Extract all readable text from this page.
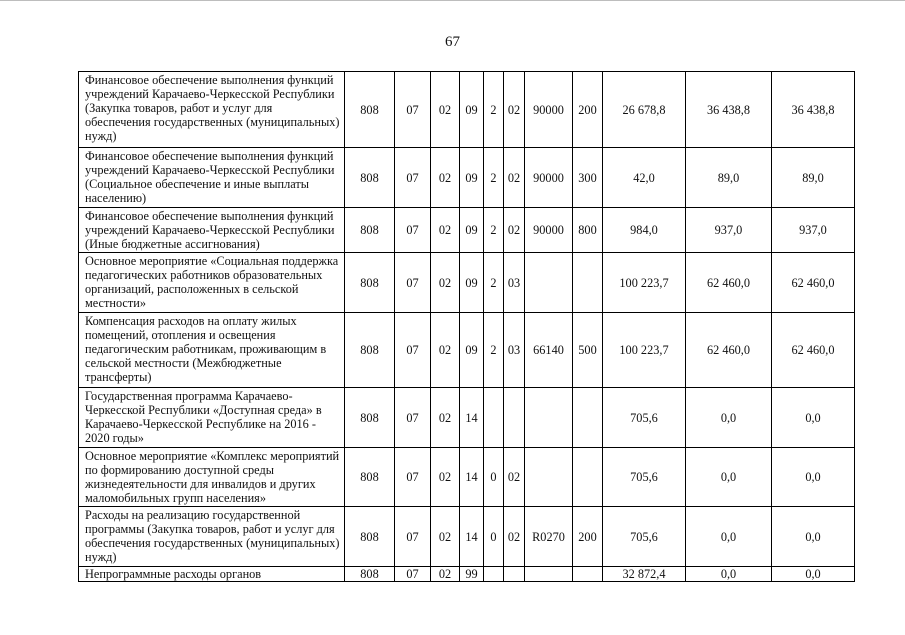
67
Финансовое обеспечение выполнения функций учреждений Карачаево-Черкесской Республики (Закупка товаров, работ и услуг для обеспечения государственных (муниципальных) нужд)	808	07	02	09	2	02	90000	200	26 678,8	36 438,8	36 438,8
Финансовое обеспечение выполнения функций учреждений Карачаево-Черкесской Республики (Социальное обеспечение и иные выплаты населению)	808	07	02	09	2	02	90000	300	42,0	89,0	89,0
Финансовое обеспечение выполнения функций учреждений Карачаево-Черкесской Республики (Иные бюджетные ассигнования)	808	07	02	09	2	02	90000	800	984,0	937,0	937,0
Основное мероприятие «Социальная поддержка педагогических работников образовательных организаций, расположенных в сельской местности»	808	07	02	09	2	03			100 223,7	62 460,0	62 460,0
Компенсация расходов на оплату жилых помещений, отопления и освещения педагогическим работникам, проживающим в сельской местности (Межбюджетные трансферты)	808	07	02	09	2	03	66140	500	100 223,7	62 460,0	62 460,0
Государственная программа Карачаево-Черкесской Республики «Доступная среда» в Карачаево-Черкесской Республике на 2016 - 2020 годы»	808	07	02	14					705,6	0,0	0,0
Основное мероприятие «Комплекс мероприятий по формированию доступной среды жизнедеятельности для инвалидов и других маломобильных групп населения»	808	07	02	14	0	02			705,6	0,0	0,0
Расходы на реализацию государственной программы (Закупка товаров, работ и услуг для обеспечения государственных (муниципальных) нужд)	808	07	02	14	0	02	R0270	200	705,6	0,0	0,0
Непрограммные расходы органов	808	07	02	99					32 872,4	0,0	0,0
